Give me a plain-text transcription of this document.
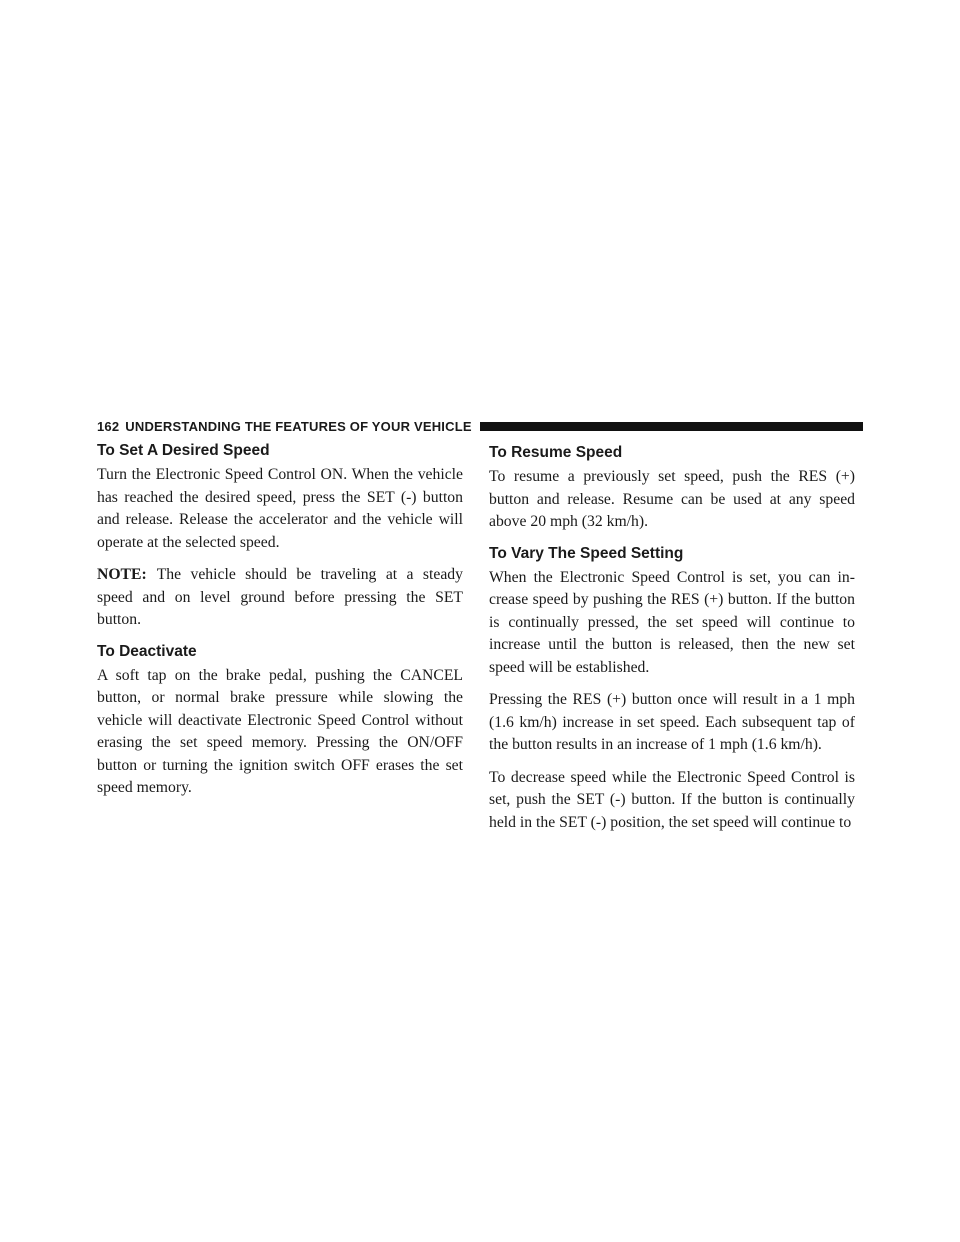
162 UNDERSTANDING THE FEATURES OF YOUR VEHICLE
To Set A Desired Speed

Turn the Electronic Speed Control ON. When the vehicle has reached the desired speed, press the SET (-) button and release. Release the accelerator and the vehicle will operate at the selected speed.

NOTE: The vehicle should be traveling at a steady speed and on level ground before pressing the SET button.

To Deactivate

A soft tap on the brake pedal, pushing the CANCEL button, or normal brake pressure while slowing the vehicle will deactivate Electronic Speed Control without erasing the set speed memory. Pressing the ON/OFF button or turning the ignition switch OFF erases the set speed memory.

To Resume Speed

To resume a previously set speed, push the RES (+) button and release. Resume can be used at any speed above 20 mph (32 km/h).

To Vary The Speed Setting

When the Electronic Speed Control is set, you can increase speed by pushing the RES (+) button. If the button is continually pressed, the set speed will continue to increase until the button is released, then the new set speed will be established.

Pressing the RES (+) button once will result in a 1 mph (1.6 km/h) increase in set speed. Each subsequent tap of the button results in an increase of 1 mph (1.6 km/h).

To decrease speed while the Electronic Speed Control is set, push the SET (-) button. If the button is continually held in the SET (-) position, the set speed will continue to
